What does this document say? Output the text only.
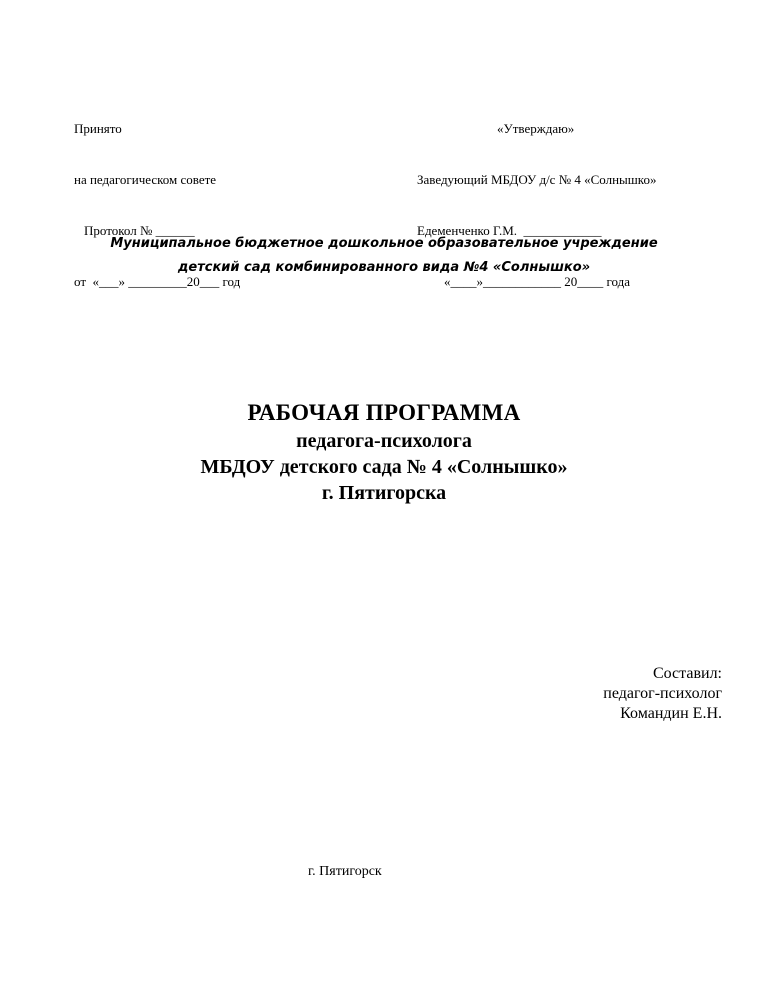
Принято

на педагогическом совете

Протокол № ______

от  «___» _________20___ год

«Утверждаю»

Заведующий МБДОУ д/с № 4 «Солнышко»

Едеменченко Г.М.  ____________

«____»____________ 20____ года

Муниципальное бюджетное дошкольное образовательное учреждение
детский сад комбинированного вида №4 «Солнышко»
РАБОЧАЯ ПРОГРАММА
педагога-психолога
МБДОУ детского сада № 4 «Солнышко»
г. Пятигорска
Составил:
педагог-психолог
Командин Е.Н.
г. Пятигорск
